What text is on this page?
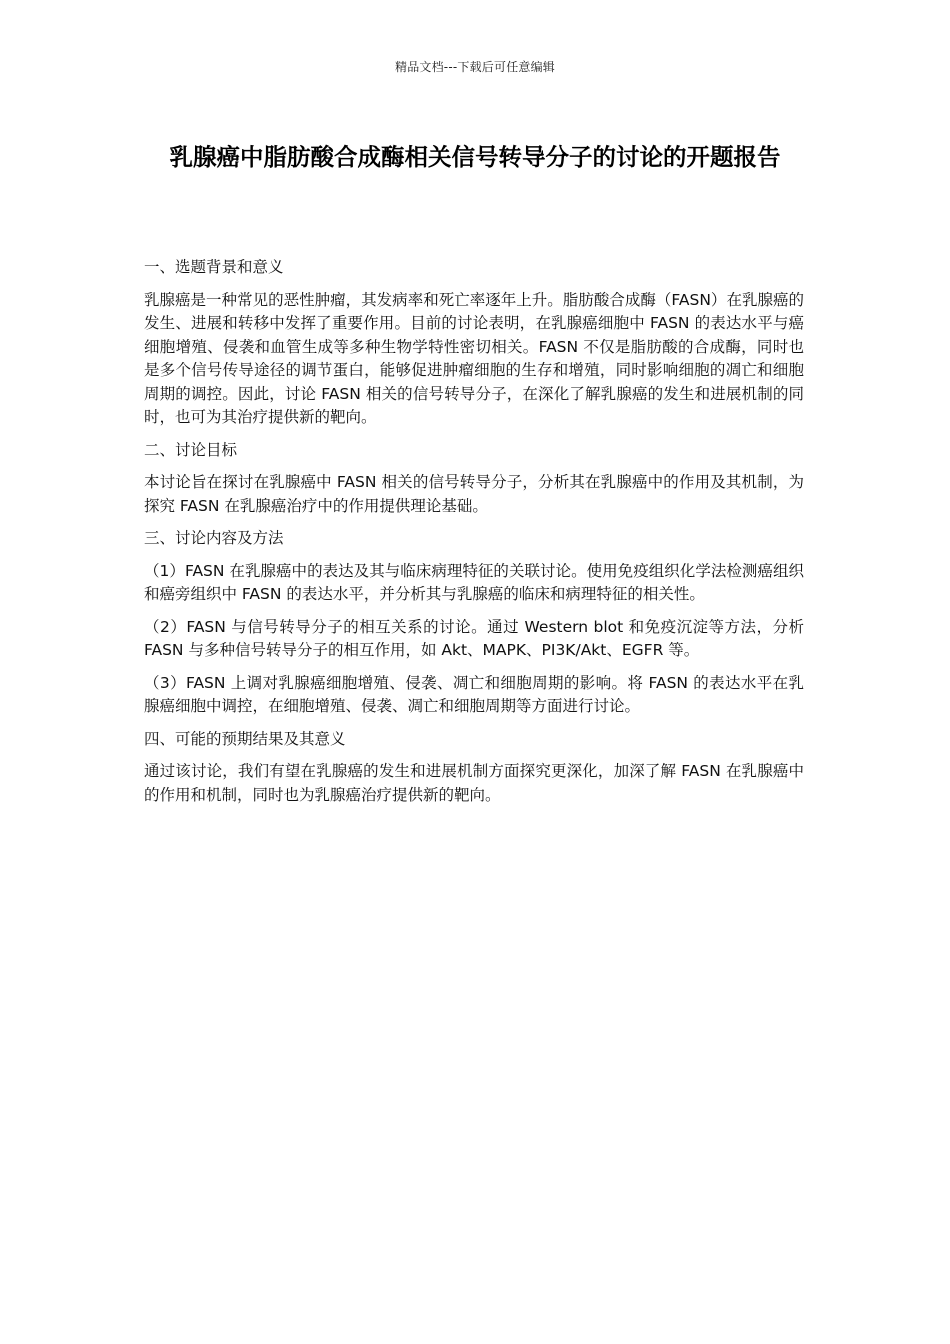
精品文档---下载后可任意编辑
乳腺癌中脂肪酸合成酶相关信号转导分子的讨论的开题报告
一、选题背景和意义

乳腺癌是一种常见的恶性肿瘤，其发病率和死亡率逐年上升。脂肪酸合成酶（FASN）在乳腺癌的发生、进展和转移中发挥了重要作用。目前的讨论表明，在乳腺癌细胞中 FASN 的表达水平与癌细胞增殖、侵袭和血管生成等多种生物学特性密切相关。FASN 不仅是脂肪酸的合成酶，同时也是多个信号传导途径的调节蛋白，能够促进肿瘤细胞的生存和增殖，同时影响细胞的凋亡和细胞周期的调控。因此，讨论 FASN 相关的信号转导分子，在深化了解乳腺癌的发生和进展机制的同时，也可为其治疗提供新的靶向。

二、讨论目标

本讨论旨在探讨在乳腺癌中 FASN 相关的信号转导分子，分析其在乳腺癌中的作用及其机制，为探究 FASN 在乳腺癌治疗中的作用提供理论基础。

三、讨论内容及方法

（1）FASN 在乳腺癌中的表达及其与临床病理特征的关联讨论。使用免疫组织化学法检测癌组织和癌旁组织中 FASN 的表达水平，并分析其与乳腺癌的临床和病理特征的相关性。

（2）FASN 与信号转导分子的相互关系的讨论。通过 Western blot 和免疫沉淀等方法，分析 FASN 与多种信号转导分子的相互作用，如 Akt、MAPK、PI3K/Akt、EGFR 等。

（3）FASN 上调对乳腺癌细胞增殖、侵袭、凋亡和细胞周期的影响。将 FASN 的表达水平在乳腺癌细胞中调控，在细胞增殖、侵袭、凋亡和细胞周期等方面进行讨论。

四、可能的预期结果及其意义

通过该讨论，我们有望在乳腺癌的发生和进展机制方面探究更深化，加深了解 FASN 在乳腺癌中的作用和机制，同时也为乳腺癌治疗提供新的靶向。
